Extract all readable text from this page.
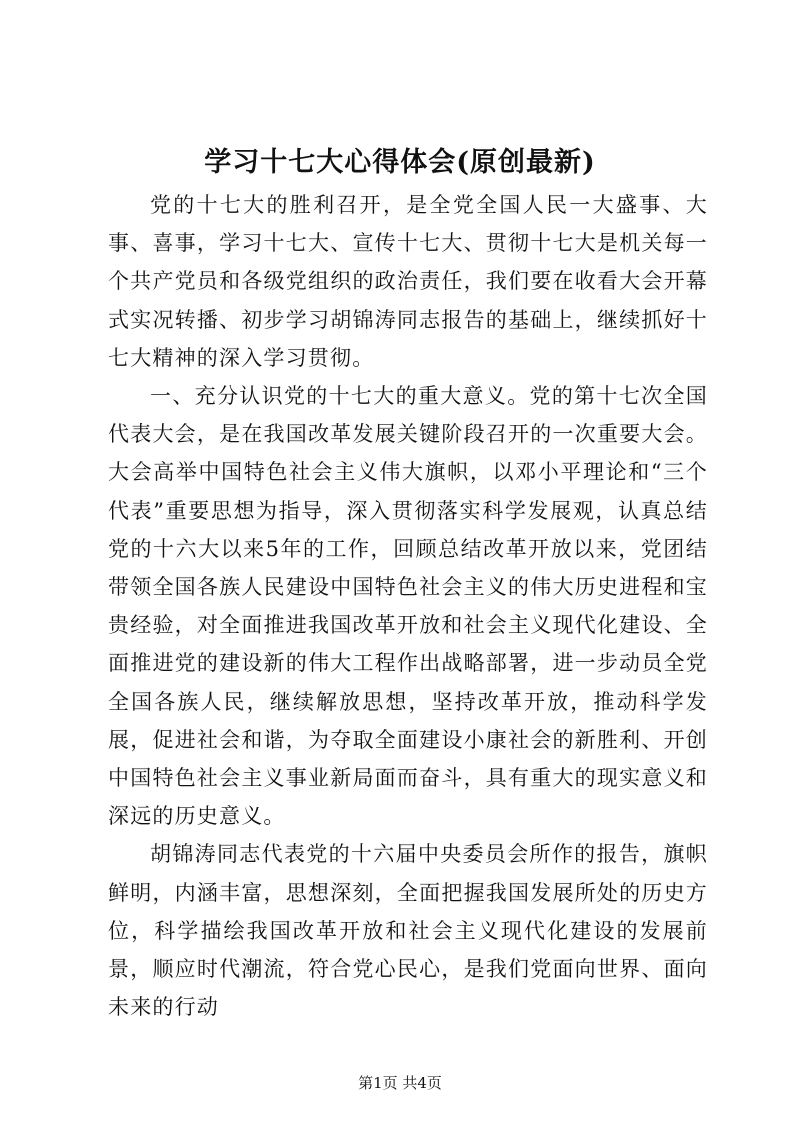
学习十七大心得体会(原创最新)

党的十七大的胜利召开，是全党全国人民一大盛事、大事、喜事，学习十七大、宣传十七大、贯彻十七大是机关每一个共产党员和各级党组织的政治责任，我们要在收看大会开幕式实况转播、初步学习胡锦涛同志报告的基础上，继续抓好十七大精神的深入学习贯彻。

一、充分认识党的十七大的重大意义。党的第十七次全国代表大会，是在我国改革发展关键阶段召开的一次重要大会。大会高举中国特色社会主义伟大旗帜，以邓小平理论和“三个代表”重要思想为指导，深入贯彻落实科学发展观，认真总结党的十六大以来5年的工作，回顾总结改革开放以来，党团结带领全国各族人民建设中国特色社会主义的伟大历史进程和宝贵经验，对全面推进我国改革开放和社会主义现代化建设、全面推进党的建设新的伟大工程作出战略部署，进一步动员全党全国各族人民，继续解放思想，坚持改革开放，推动科学发展，促进社会和谐，为夺取全面建设小康社会的新胜利、开创中国特色社会主义事业新局面而奋斗，具有重大的现实意义和深远的历史意义。

胡锦涛同志代表党的十六届中央委员会所作的报告，旗帜鲜明，内涵丰富，思想深刻，全面把握我国发展所处的历史方位，科学描绘我国改革开放和社会主义现代化建设的发展前景，顺应时代潮流，符合党心民心，是我们党面向世界、面向未来的行动

第1页 共4页
